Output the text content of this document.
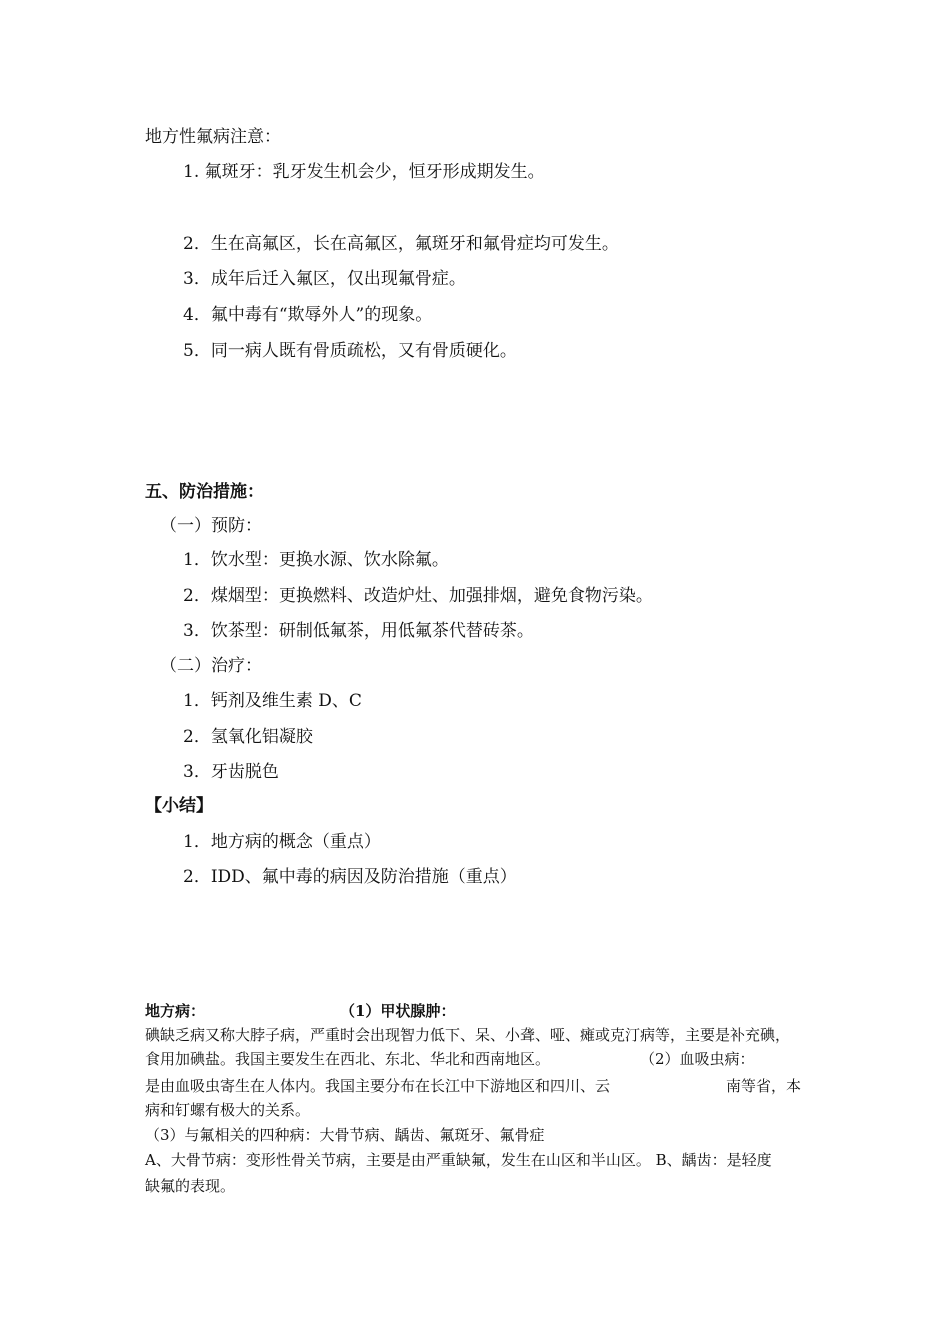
地方性氟病注意：
1. 氟斑牙：乳牙发生机会少，恒牙形成期发生。
2．生在高氟区，长在高氟区，氟斑牙和氟骨症均可发生。
3．成年后迁入氟区，仅出现氟骨症。
4．氟中毒有“欺辱外人”的现象。
5．同一病人既有骨质疏松，又有骨质硬化。
五、防治措施：
（一）预防：
1．饮水型：更换水源、饮水除氟。
2．煤烟型：更换燃料、改造炉灶、加强排烟，避免食物污染。
3．饮茶型：研制低氟茶，用低氟茶代替砖茶。
（二）治疗：
1．钙剂及维生素 D、C
2．氢氧化铝凝胶
3．牙齿脱色
【小结】
1．地方病的概念（重点）
2．IDD、氟中毒的病因及防治措施（重点）
地方病：	（1）甲状腺肿：
碘缺乏病又称大脖子病，严重时会出现智力低下、呆、小聋、哑、瘫或克汀病等，主要是补充碘，
食用加碘盐。我国主要发生在西北、东北、华北和西南地区。	（2）血吸虫病：
是由血吸虫寄生在人体内。我国主要分布在长江中下游地区和四川、云	南等省，本
病和钉螺有极大的关系。
（3）与氟相关的四种病：大骨节病、龋齿、氟斑牙、氟骨症
A、大骨节病：变形性骨关节病，主要是由严重缺氟，发生在山区和半山区。 B、龋齿：是轻度
缺氟的表现。
